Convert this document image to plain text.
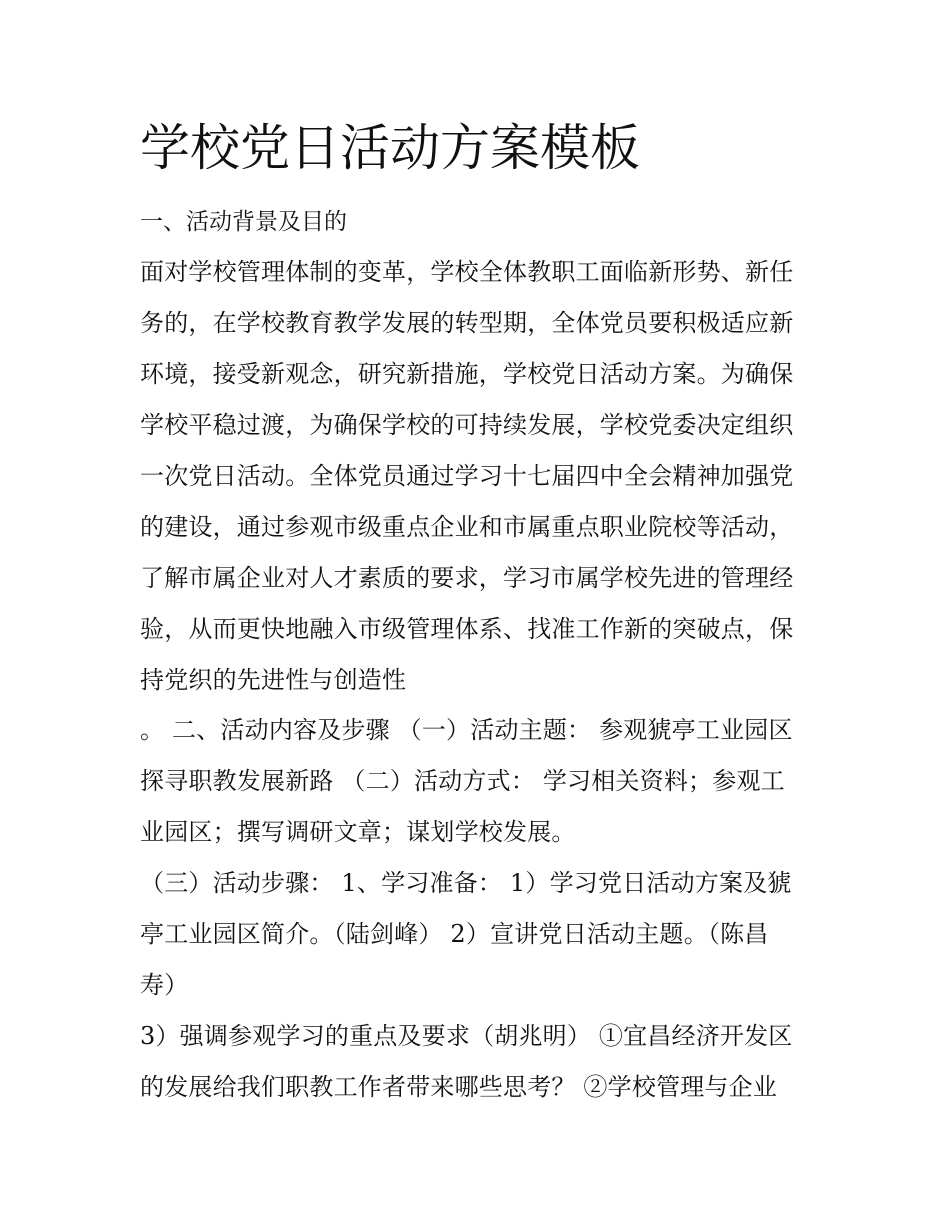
学校党日活动方案模板
一、活动背景及目的

面对学校管理体制的变革，学校全体教职工面临新形势、新任

务的，在学校教育教学发展的转型期，全体党员要积极适应新

环境，接受新观念，研究新措施，学校党日活动方案。为确保

学校平稳过渡，为确保学校的可持续发展，学校党委决定组织

一次党日活动。全体党员通过学习十七届四中全会精神加强党

的建设，通过参观市级重点企业和市属重点职业院校等活动，

了解市属企业对人才素质的要求，学习市属学校先进的管理经

验，从而更快地融入市级管理体系、找准工作新的突破点，保

持党织的先进性与创造性

。 二、活动内容及步骤 （一）活动主题： 参观猇亭工业园区

探寻职教发展新路 （二）活动方式： 学习相关资料；参观工

业园区；撰写调研文章；谋划学校发展。

（三）活动步骤： 1、学习准备： 1）学习党日活动方案及猇

亭工业园区简介。（陆剑峰） 2）宣讲党日活动主题。（陈昌

寿）

3）强调参观学习的重点及要求（胡兆明） ①宜昌经济开发区

的发展给我们职教工作者带来哪些思考？ ②学校管理与企业
